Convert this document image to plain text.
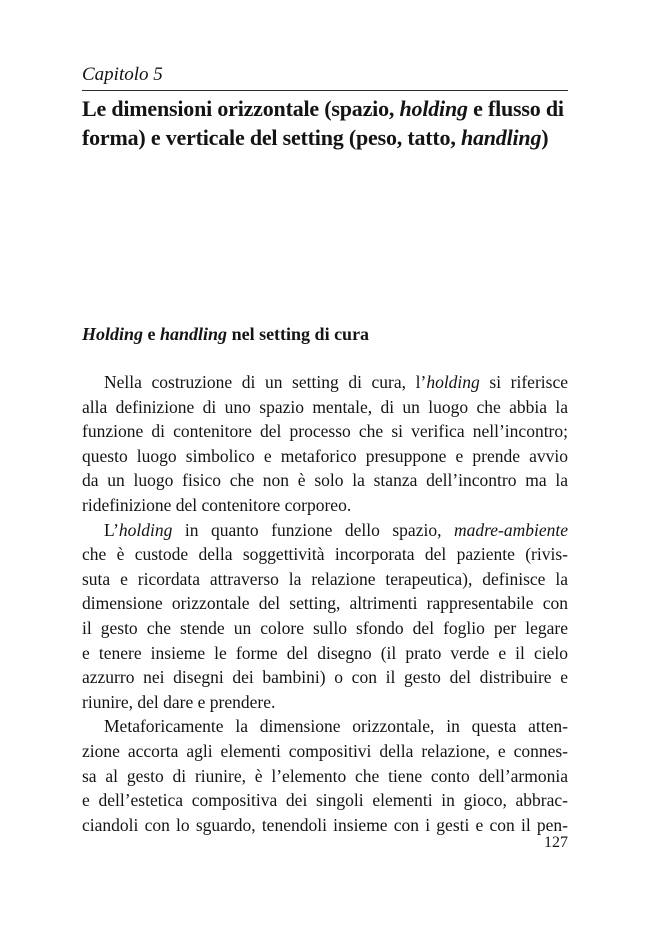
Capitolo 5
Le dimensioni orizzontale (spazio, holding e flusso di
forma) e verticale del setting (peso, tatto, handling)
Holding e handling nel setting di cura
Nella costruzione di un setting di cura, l’holding si riferisce
alla definizione di uno spazio mentale, di un luogo che abbia la
funzione di contenitore del processo che si verifica nell’incontro;
questo luogo simbolico e metaforico presuppone e prende avvio
da un luogo fisico che non è solo la stanza dell’incontro ma la
ridefinizione del contenitore corporeo.
L’holding in quanto funzione dello spazio, madre-ambiente
che è custode della soggettività incorporata del paziente (rivis-
suta e ricordata attraverso la relazione terapeutica), definisce la
dimensione orizzontale del setting, altrimenti rappresentabile con
il gesto che stende un colore sullo sfondo del foglio per legare
e tenere insieme le forme del disegno (il prato verde e il cielo
azzurro nei disegni dei bambini) o con il gesto del distribuire e
riunire, del dare e prendere.
Metaforicamente la dimensione orizzontale, in questa atten-
zione accorta agli elementi compositivi della relazione, e connes-
sa al gesto di riunire, è l’elemento che tiene conto dell’armonia
e dell’estetica compositiva dei singoli elementi in gioco, abbrac-
ciandoli con lo sguardo, tenendoli insieme con i gesti e con il pen-
127
